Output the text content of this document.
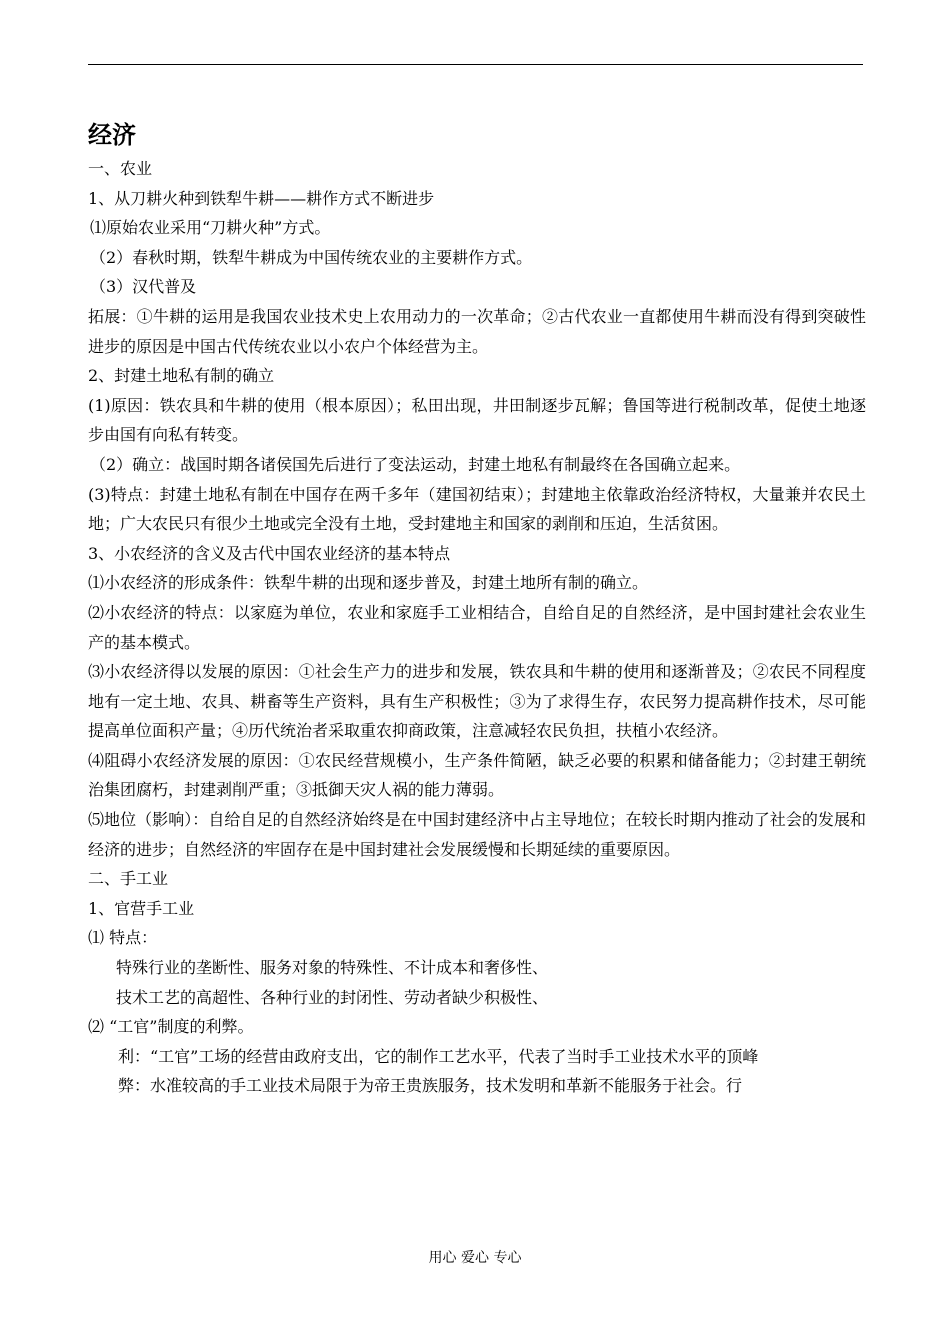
经济

一、农业

1、从刀耕火种到铁犁牛耕——耕作方式不断进步

⑴原始农业采用“刀耕火种”方式。

（2）春秋时期，铁犁牛耕成为中国传统农业的主要耕作方式。

（3）汉代普及

拓展：①牛耕的运用是我国农业技术史上农用动力的一次革命；②古代农业一直都使用牛耕而没有得到突破性进步的原因是中国古代传统农业以小农户个体经营为主。

2、封建土地私有制的确立

(1)原因：铁农具和牛耕的使用（根本原因）；私田出现，井田制逐步瓦解；鲁国等进行税制改革，促使土地逐步由国有向私有转变。

（2）确立：战国时期各诸侯国先后进行了变法运动，封建土地私有制最终在各国确立起来。

(3)特点：封建土地私有制在中国存在两千多年（建国初结束）；封建地主依靠政治经济特权，大量兼并农民土地；广大农民只有很少土地或完全没有土地，受封建地主和国家的剥削和压迫，生活贫困。

3、小农经济的含义及古代中国农业经济的基本特点

⑴小农经济的形成条件：铁犁牛耕的出现和逐步普及，封建土地所有制的确立。

⑵小农经济的特点：以家庭为单位，农业和家庭手工业相结合，自给自足的自然经济，是中国封建社会农业生产的基本模式。

⑶小农经济得以发展的原因：①社会生产力的进步和发展，铁农具和牛耕的使用和逐渐普及；②农民不同程度地有一定土地、农具、耕畜等生产资料，具有生产积极性；③为了求得生存，农民努力提高耕作技术，尽可能提高单位面积产量；④历代统治者采取重农抑商政策，注意减轻农民负担，扶植小农经济。

⑷阻碍小农经济发展的原因：①农民经营规模小，生产条件简陋，缺乏必要的积累和储备能力；②封建王朝统治集团腐朽，封建剥削严重；③抵御天灾人祸的能力薄弱。

⑸地位（影响）：自给自足的自然经济始终是在中国封建经济中占主导地位；在较长时期内推动了社会的发展和经济的进步；自然经济的牢固存在是中国封建社会发展缓慢和长期延续的重要原因。

二、手工业

1、官营手工业

⑴ 特点：

特殊行业的垄断性、服务对象的特殊性、不计成本和奢侈性、

技术工艺的高超性、各种行业的封闭性、劳动者缺少积极性、

⑵ “工官”制度的利弊。

利：“工官”工场的经营由政府支出，它的制作工艺水平，代表了当时手工业技术水平的顶峰

弊：水准较高的手工业技术局限于为帝王贵族服务，技术发明和革新不能服务于社会。行

用心 爱心 专心
